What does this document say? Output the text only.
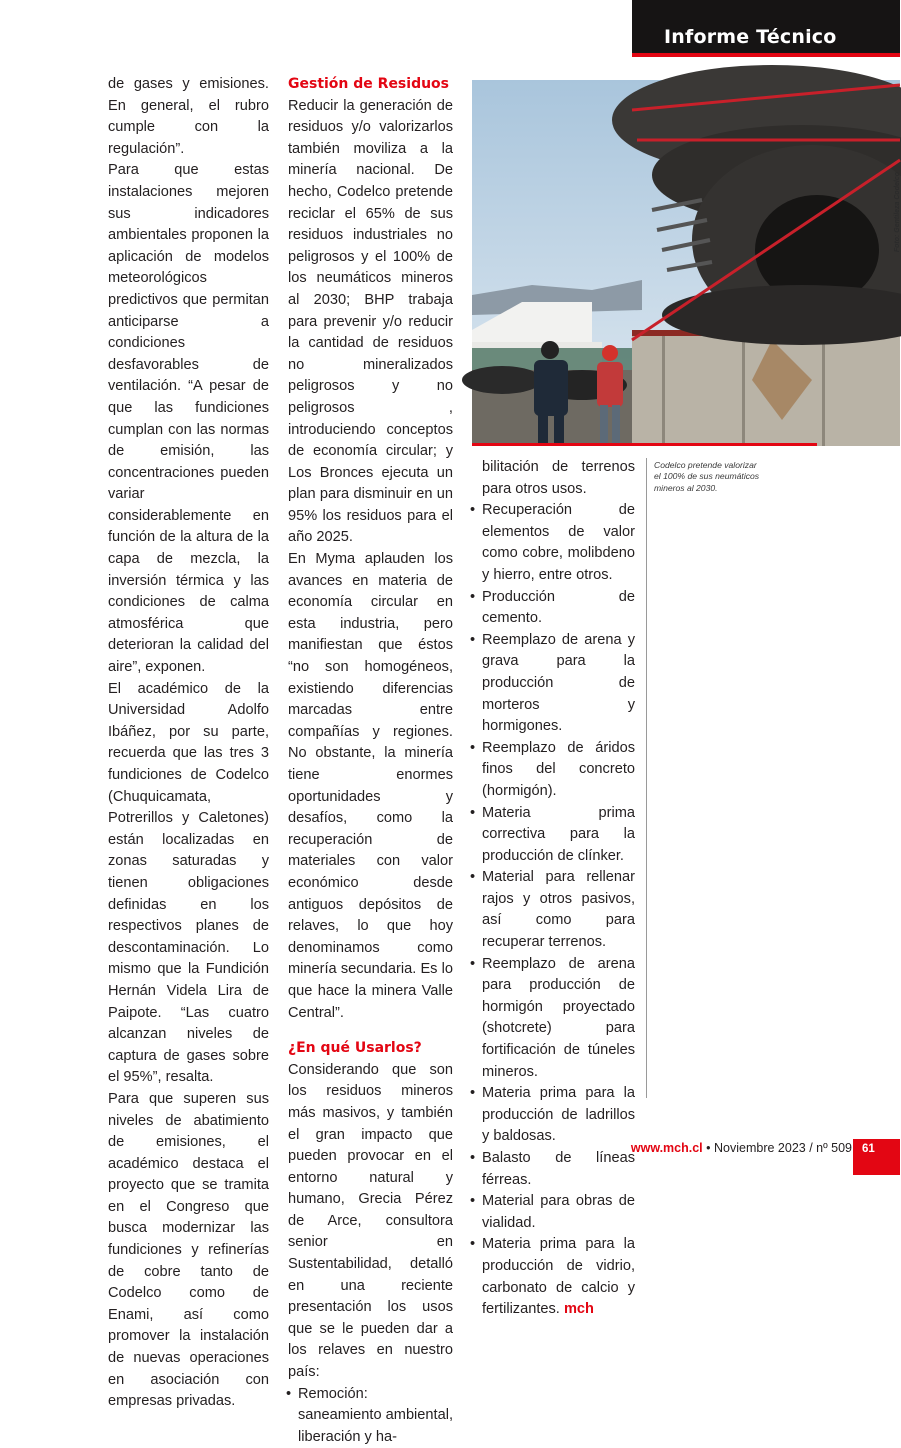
Informe Técnico

de gases y emisiones. En general, el rubro cumple con la regulación”.

Para que estas instalaciones mejoren sus indicadores ambientales proponen la aplicación de modelos meteorológicos predictivos que permitan anticiparse a condiciones desfavorables de ventilación. “A pesar de que las fundiciones cumplan con las normas de emisión, las concentraciones pueden variar considerablemente en función de la altura de la capa de mezcla, la inversión térmica y las condiciones de calma atmosférica que deterioran la calidad del aire”, exponen.

El académico de la Universidad Adolfo Ibáñez, por su parte, recuerda que las tres 3 fundiciones de Codelco (Chuquicamata, Potrerillos y Caletones) están localizadas en zonas saturadas y tienen obligaciones definidas en los respectivos planes de descontaminación. Lo mismo que la Fundición Hernán Videla Lira de Paipote. “Las cuatro alcanzan niveles de captura de gases sobre el 95%”, resalta.

Para que superen sus niveles de abatimiento de emisiones, el académico destaca el proyecto que se tramita en el Congreso que busca modernizar las fundiciones y refinerías de cobre tanto de Codelco como de Enami, así como promover la instalación de nuevas operaciones en asociación con empresas privadas.

Gestión de Residuos

Reducir la generación de residuos y/o valorizarlos también moviliza a la minería nacional. De hecho, Codelco pretende reciclar el 65% de sus residuos industriales no peligrosos y el 100% de los neumáticos mineros al 2030; BHP trabaja para prevenir y/o reducir la cantidad de residuos no mineralizados peligrosos y no peligrosos , introduciendo conceptos de economía circular; y Los Bronces ejecuta un plan para disminuir en un 95% los residuos para el año 2025.

En Myma aplauden los avances en materia de economía circular en esta industria, pero manifiestan que éstos “no son homogéneos, existiendo diferencias marcadas entre compañías y regiones. No obstante, la minería tiene enormes oportunidades y desafíos, como la recuperación de materiales con valor económico desde antiguos depósitos de relaves, lo que hoy denominamos como minería secundaria. Es lo que hace la minera Valle Central”.

¿En qué Usarlos?

Considerando que son los residuos mineros más masivos, y también el gran impacto que pueden provocar en el entorno natural y humano, Grecia Pérez de Arce, consultora senior en Sustentabilidad, detalló en una reciente presentación los usos que se le pueden dar a los relaves en nuestro país:

• Remoción: saneamiento ambiental, liberación y ha-
Foto: Gentileza Codelco
Codelco pretende valorizar el 100% de sus neumáticos mineros al 2030.

bilitación de terrenos para otros usos.

• Recuperación de elementos de valor como cobre, molibdeno y hierro, entre otros.
• Producción de cemento.
• Reemplazo de arena y grava para la producción de morteros y hormigones.
• Reemplazo de áridos finos del concreto (hormigón).
• Materia prima correctiva para la producción de clínker.
• Material para rellenar rajos y otros pasivos, así como para recuperar terrenos.
• Reemplazo de arena para producción de hormigón proyectado (shotcrete) para fortificación de túneles mineros.
• Materia prima para la producción de ladrillos y baldosas.
• Balasto de líneas férreas.
• Material para obras de vialidad.
• Materia prima para la producción de vidrio, carbonato de calcio y fertilizantes. mch
www.mch.cl • Noviembre 2023 / nº 509 61
